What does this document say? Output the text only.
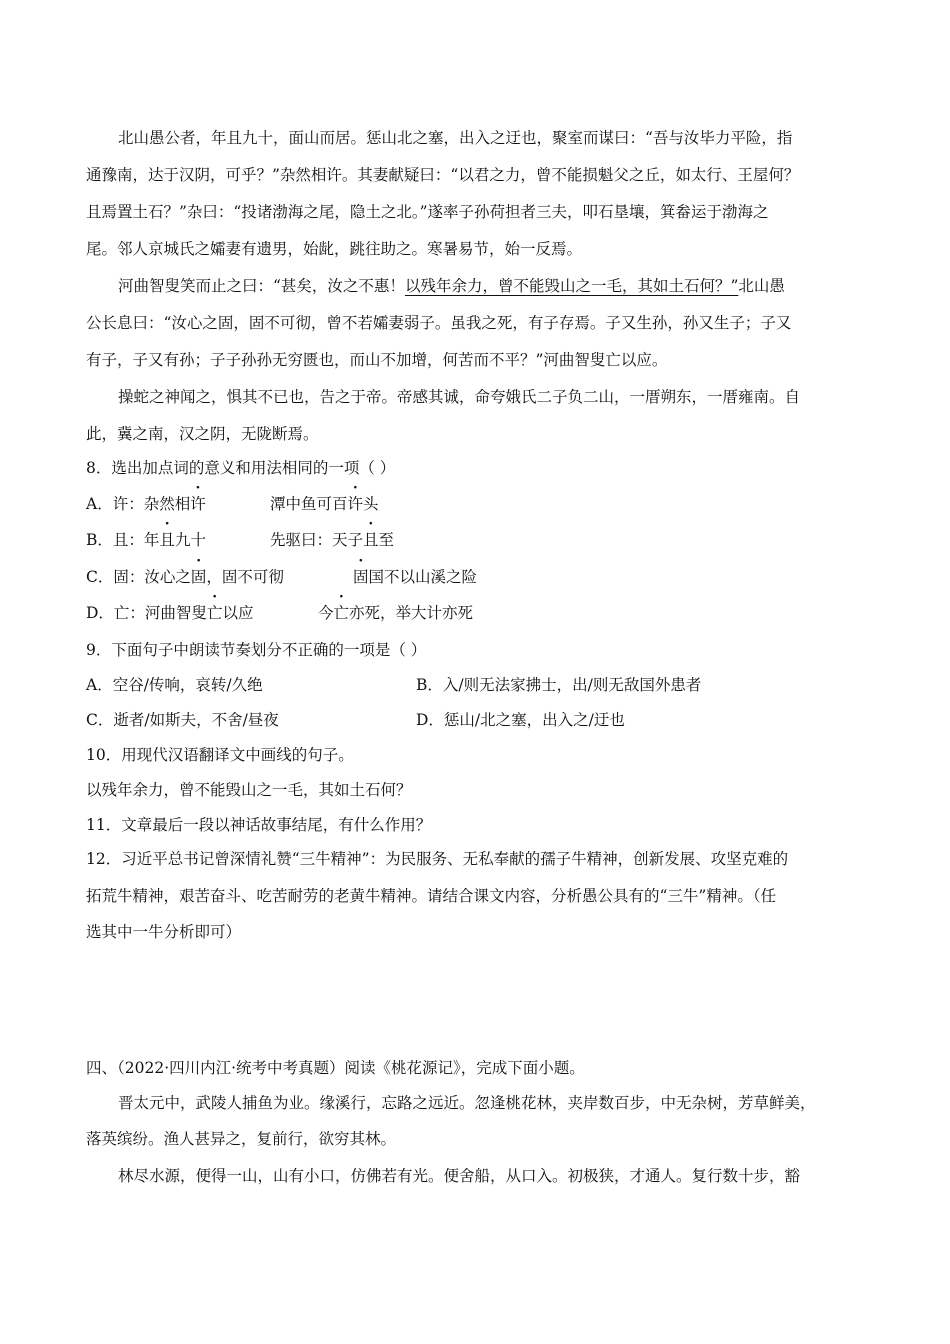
北山愚公者，年且九十，面山而居。惩山北之塞，出入之迂也，聚室而谋曰：“吾与汝毕力平险，指
通豫南，达于汉阴，可乎？”杂然相许。其妻献疑曰：“以君之力，曾不能损魁父之丘，如太行、王屋何？
且焉置土石？”杂曰：“投诸渤海之尾，隐土之北。”遂率子孙荷担者三夫，叩石垦壤，箕畚运于渤海之
尾。邻人京城氏之孀妻有遗男，始龀，跳往助之。寒暑易节，始一反焉。
河曲智叟笑而止之曰：“甚矣，汝之不惠！以残年余力，曾不能毁山之一毛，其如土石何？”北山愚
公长息曰：“汝心之固，固不可彻，曾不若孀妻弱子。虽我之死，有子存焉。子又生孙，孙又生子；子又
有子，子又有孙；子子孙孙无穷匮也，而山不加增，何苦而不平？”河曲智叟亡以应。
操蛇之神闻之，惧其不已也，告之于帝。帝感其诚，命夸娥氏二子负二山，一厝朔东，一厝雍南。自
此，冀之南，汉之阴，无陇断焉。
8．选出加点词的意义和用法相同的一项（ ）
A．许：杂然相许	潭中鱼可百许头
B．且：年且九十	先驱曰：天子且至
C．固：汝心之固，固不可彻	固国不以山溪之险
D．亡：河曲智叟亡以应	今亡亦死，举大计亦死
9．下面句子中朗读节奏划分不正确的一项是（ ）
A．空谷/传响，哀转/久绝	B．入/则无法家拂士，出/则无敌国外患者
C．逝者/如斯夫，不舍/昼夜	D．惩山/北之塞，出入之/迂也
10．用现代汉语翻译文中画线的句子。
以残年余力，曾不能毁山之一毛，其如土石何？
11．文章最后一段以神话故事结尾，有什么作用？
12．习近平总书记曾深情礼赞“三牛精神”：为民服务、无私奉献的孺子牛精神，创新发展、攻坚克难的
拓荒牛精神，艰苦奋斗、吃苦耐劳的老黄牛精神。请结合课文内容，分析愚公具有的“三牛”精神。（任
选其中一牛分析即可）
四、（2022·四川内江·统考中考真题）阅读《桃花源记》，完成下面小题。
晋太元中，武陵人捕鱼为业。缘溪行，忘路之远近。忽逢桃花林，夹岸数百步，中无杂树，芳草鲜美，
落英缤纷。渔人甚异之，复前行，欲穷其林。
林尽水源，便得一山，山有小口，仿佛若有光。便舍船，从口入。初极狭，才通人。复行数十步，豁
